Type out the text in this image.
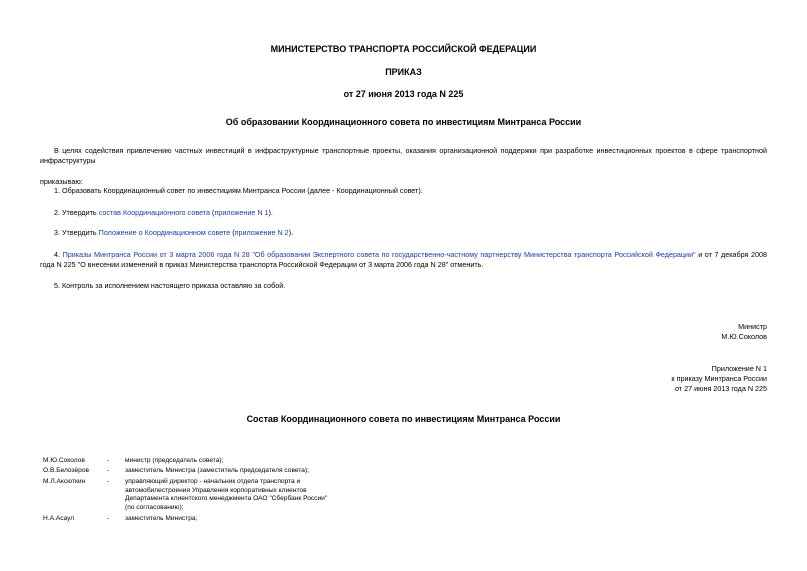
МИНИСТЕРСТВО ТРАНСПОРТА РОССИЙСКОЙ ФЕДЕРАЦИИ
ПРИКАЗ
от 27 июня 2013 года N 225
Об образовании Координационного совета по инвестициям Минтранса России
В целях содействия привлечению частных инвестиций в инфраструктурные транспортные проекты, оказания организационной поддержки при разработке инвестиционных проектов в сфере транспортной инфраструктуры
приказываю:
1. Образовать Координационный совет по инвестициям Минтранса России (далее - Координационный совет).
2. Утвердить состав Координационного совета (приложение N 1).
3. Утвердить Положение о Координационном совете (приложение N 2).
4. Приказы Минтранса России от 3 марта 2006 года N 28 "Об образовании Экспертного совета по государственно-частному партнерству Министерства транспорта Российской Федерации" и от 7 декабря 2008 года N 225 "О внесении изменений в приказ Министерства транспорта Российской Федерации от 3 марта 2006 года N 28" отменить.
5. Контроль за исполнением настоящего приказа оставляю за собой.
Министр
М.Ю.Соколов
Приложение N 1
к приказу Минтранса России
от 27 июня 2013 года N 225
Состав Координационного совета по инвестициям Минтранса России
М.Ю.Соколов	- министр (председатель совета);
О.В.Белозёров	- заместитель Министра (заместитель председателя совета);
М.Л.Аксюткин	- управляющий директор - начальник отдела транспорта и
автомобилестроения Управления корпоративных клиентов
Департамента клиентского менеджмента ОАО "Сбербанк России"
(по согласованию);
Н.А.Асаул	- заместитель Министра;
